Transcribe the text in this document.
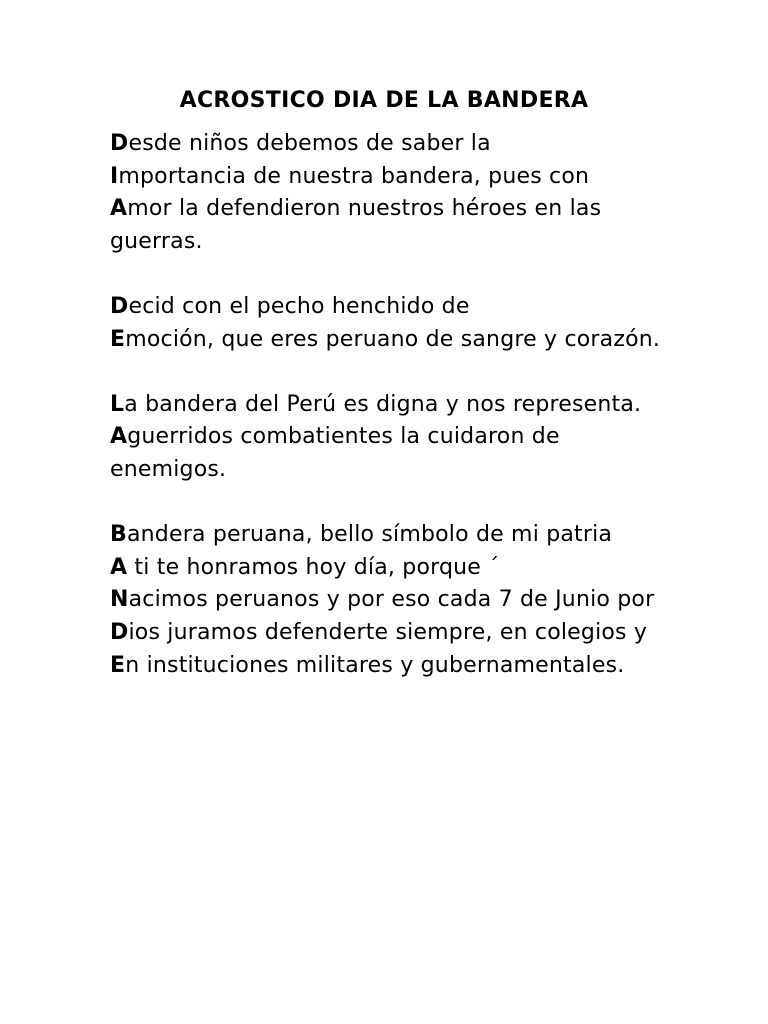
ACROSTICO DIA DE LA BANDERA
Desde niños debemos de saber la
Importancia de nuestra bandera, pues con
Amor la defendieron nuestros héroes en las guerras.
Decid con el pecho henchido de
Emoción, que eres peruano de sangre y corazón.
La bandera del Perú es digna y nos representa.
Aguerridos combatientes la cuidaron de enemigos.
Bandera peruana, bello símbolo de mi patria
A ti te honramos hoy día, porque ´
Nacimos peruanos y por eso cada 7 de Junio por
Dios juramos defenderte siempre, en colegios y
En instituciones militares y gubernamentales.
